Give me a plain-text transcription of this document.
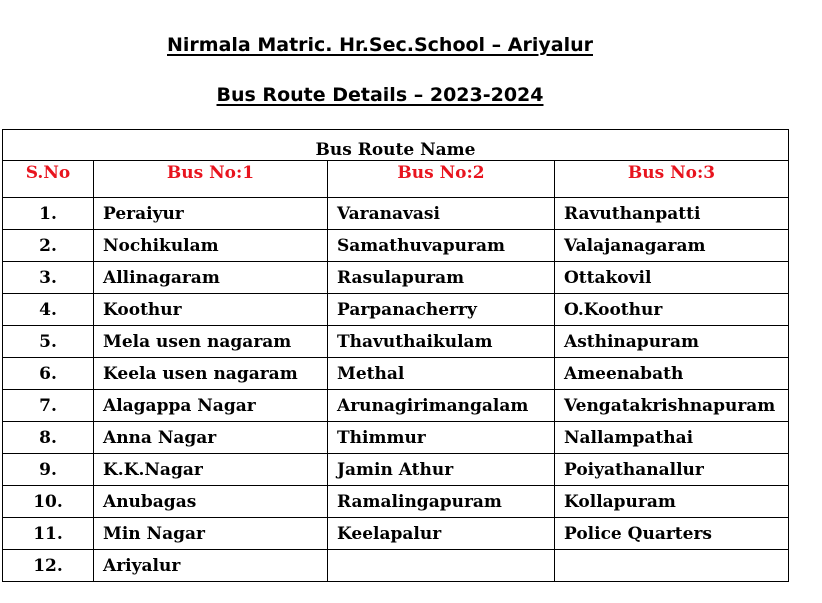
Nirmala Matric. Hr.Sec.School – Ariyalur
Bus Route Details – 2023-2024
Bus Route Name			
S.No	Bus No:1	Bus No:2	Bus No:3
1.	Peraiyur	Varanavasi	Ravuthanpatti
2.	Nochikulam	Samathuvapuram	Valajanagaram
3.	Allinagaram	Rasulapuram	Ottakovil
4.	Koothur	Parpanacherry	O.Koothur
5.	Mela usen nagaram	Thavuthaikulam	Asthinapuram
6.	Keela usen nagaram	Methal	Ameenabath
7.	Alagappa Nagar	Arunagirimangalam	Vengatakrishnapuram
8.	Anna Nagar	Thimmur	Nallampathai
9.	K.K.Nagar	Jamin Athur	Poiyathanallur
10.	Anubagas	Ramalingapuram	Kollapuram
11.	Min Nagar	Keelapalur	Police Quarters
12.	Ariyalur		
